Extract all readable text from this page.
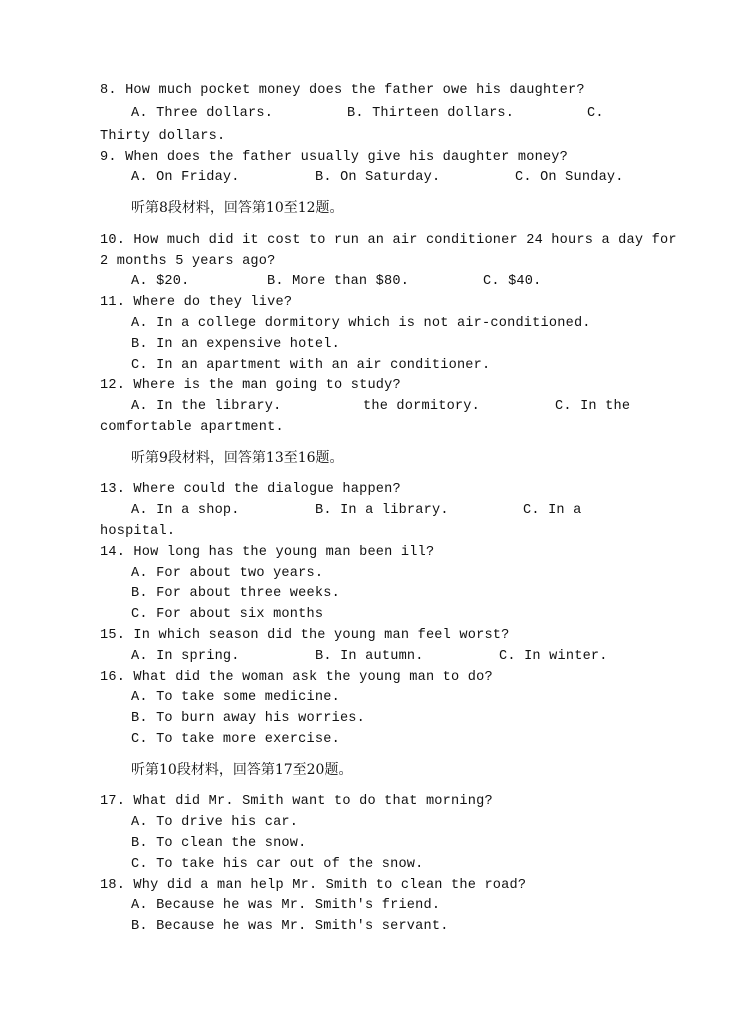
8. How much pocket money does the father owe his daughter?
A. Three dollars.	B. Thirteen dollars.	C.
Thirty dollars.
9. When does the father usually give his daughter money?
A. On Friday.	B. On Saturday.	C. On Sunday.
听第8段材料，回答第10至12题。
10. How much did it cost to run an air conditioner 24 hours a day for
2 months 5 years ago?
A. $20.	B. More than $80.	C. $40.
11. Where do they live?
A. In a college dormitory which is not air-conditioned.
B. In an expensive hotel.
C. In an apartment with an air conditioner.
12. Where is the man going to study?
A. In the library.	the dormitory.	C. In the
comfortable apartment.
听第9段材料，回答第13至16题。
13. Where could the dialogue happen?
A. In a shop.	B. In a library.	C. In a
hospital.
14. How long has the young man been ill?
A. For about two years.
B. For about three weeks.
C. For about six months
15. In which season did the young man feel worst?
A. In spring.	B. In autumn.	C. In winter.
16. What did the woman ask the young man to do?
A. To take some medicine.
B. To burn away his worries.
C. To take more exercise.
听第10段材料，回答第17至20题。
17. What did Mr. Smith want to do that morning?
A. To drive his car.
B. To clean the snow.
C. To take his car out of the snow.
18. Why did a man help Mr. Smith to clean the road?
A. Because he was Mr. Smith's friend.
B. Because he was Mr. Smith's servant.
